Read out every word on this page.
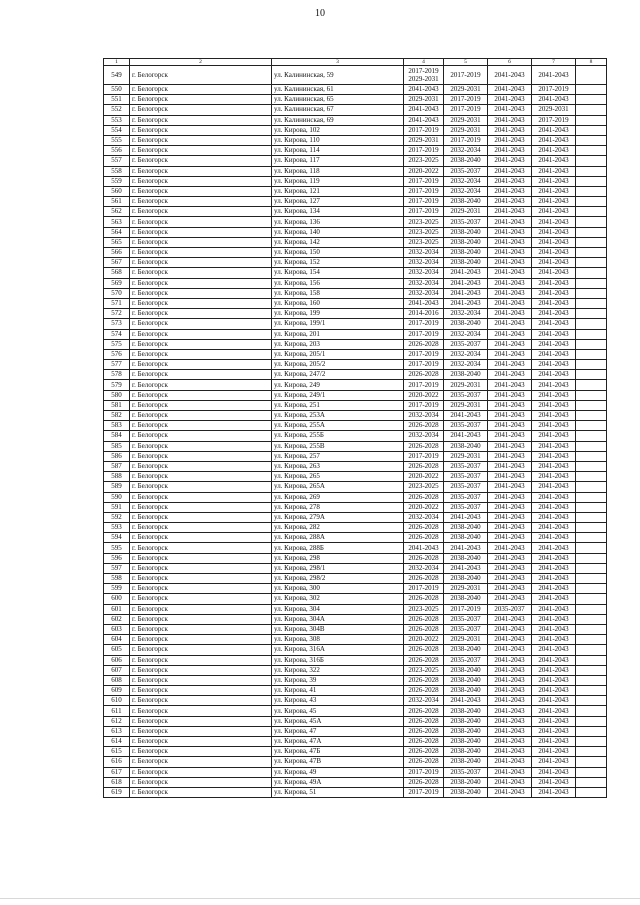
10
1	2	3	4	5	6	7	8
549	г. Белогорск	ул. Калининская, 59	2017-2019 2029-2031	2017-2019	2041-2043	2041-2043	
550	г. Белогорск	ул. Калининская, 61	2041-2043	2029-2031	2041-2043	2017-2019	
551	г. Белогорск	ул. Калининская, 65	2029-2031	2017-2019	2041-2043	2041-2043	
552	г. Белогорск	ул. Калининская, 67	2041-2043	2017-2019	2041-2043	2029-2031	
553	г. Белогорск	ул. Калининская, 69	2041-2043	2029-2031	2041-2043	2017-2019	
554	г. Белогорск	ул. Кирова, 102	2017-2019	2029-2031	2041-2043	2041-2043	
555	г. Белогорск	ул. Кирова, 110	2029-2031	2017-2019	2041-2043	2041-2043	
556	г. Белогорск	ул. Кирова, 114	2017-2019	2032-2034	2041-2043	2041-2043	
557	г. Белогорск	ул. Кирова, 117	2023-2025	2038-2040	2041-2043	2041-2043	
558	г. Белогорск	ул. Кирова, 118	2020-2022	2035-2037	2041-2043	2041-2043	
559	г. Белогорск	ул. Кирова, 119	2017-2019	2032-2034	2041-2043	2041-2043	
560	г. Белогорск	ул. Кирова, 121	2017-2019	2032-2034	2041-2043	2041-2043	
561	г. Белогорск	ул. Кирова, 127	2017-2019	2038-2040	2041-2043	2041-2043	
562	г. Белогорск	ул. Кирова, 134	2017-2019	2029-2031	2041-2043	2041-2043	
563	г. Белогорск	ул. Кирова, 136	2023-2025	2035-2037	2041-2043	2041-2043	
564	г. Белогорск	ул. Кирова, 140	2023-2025	2038-2040	2041-2043	2041-2043	
565	г. Белогорск	ул. Кирова, 142	2023-2025	2038-2040	2041-2043	2041-2043	
566	г. Белогорск	ул. Кирова, 150	2032-2034	2038-2040	2041-2043	2041-2043	
567	г. Белогорск	ул. Кирова, 152	2032-2034	2038-2040	2041-2043	2041-2043	
568	г. Белогорск	ул. Кирова, 154	2032-2034	2041-2043	2041-2043	2041-2043	
569	г. Белогорск	ул. Кирова, 156	2032-2034	2041-2043	2041-2043	2041-2043	
570	г. Белогорск	ул. Кирова, 158	2032-2034	2041-2043	2041-2043	2041-2043	
571	г. Белогорск	ул. Кирова, 160	2041-2043	2041-2043	2041-2043	2041-2043	
572	г. Белогорск	ул. Кирова, 199	2014-2016	2032-2034	2041-2043	2041-2043	
573	г. Белогорск	ул. Кирова, 199/1	2017-2019	2038-2040	2041-2043	2041-2043	
574	г. Белогорск	ул. Кирова, 201	2017-2019	2032-2034	2041-2043	2041-2043	
575	г. Белогорск	ул. Кирова, 203	2026-2028	2035-2037	2041-2043	2041-2043	
576	г. Белогорск	ул. Кирова, 205/1	2017-2019	2032-2034	2041-2043	2041-2043	
577	г. Белогорск	ул. Кирова, 205/2	2017-2019	2032-2034	2041-2043	2041-2043	
578	г. Белогорск	ул. Кирова, 247/2	2026-2028	2038-2040	2041-2043	2041-2043	
579	г. Белогорск	ул. Кирова, 249	2017-2019	2029-2031	2041-2043	2041-2043	
580	г. Белогорск	ул. Кирова, 249/1	2020-2022	2035-2037	2041-2043	2041-2043	
581	г. Белогорск	ул. Кирова, 251	2017-2019	2029-2031	2041-2043	2041-2043	
582	г. Белогорск	ул. Кирова, 253А	2032-2034	2041-2043	2041-2043	2041-2043	
583	г. Белогорск	ул. Кирова, 255А	2026-2028	2035-2037	2041-2043	2041-2043	
584	г. Белогорск	ул. Кирова, 255Б	2032-2034	2041-2043	2041-2043	2041-2043	
585	г. Белогорск	ул. Кирова, 255В	2026-2028	2038-2040	2041-2043	2041-2043	
586	г. Белогорск	ул. Кирова, 257	2017-2019	2029-2031	2041-2043	2041-2043	
587	г. Белогорск	ул. Кирова, 263	2026-2028	2035-2037	2041-2043	2041-2043	
588	г. Белогорск	ул. Кирова, 265	2020-2022	2035-2037	2041-2043	2041-2043	
589	г. Белогорск	ул. Кирова, 265А	2023-2025	2035-2037	2041-2043	2041-2043	
590	г. Белогорск	ул. Кирова, 269	2026-2028	2035-2037	2041-2043	2041-2043	
591	г. Белогорск	ул. Кирова, 278	2020-2022	2035-2037	2041-2043	2041-2043	
592	г. Белогорск	ул. Кирова, 279А	2032-2034	2041-2043	2041-2043	2041-2043	
593	г. Белогорск	ул. Кирова, 282	2026-2028	2038-2040	2041-2043	2041-2043	
594	г. Белогорск	ул. Кирова, 288А	2026-2028	2038-2040	2041-2043	2041-2043	
595	г. Белогорск	ул. Кирова, 288Б	2041-2043	2041-2043	2041-2043	2041-2043	
596	г. Белогорск	ул. Кирова, 298	2026-2028	2038-2040	2041-2043	2041-2043	
597	г. Белогорск	ул. Кирова, 298/1	2032-2034	2041-2043	2041-2043	2041-2043	
598	г. Белогорск	ул. Кирова, 298/2	2026-2028	2038-2040	2041-2043	2041-2043	
599	г. Белогорск	ул. Кирова, 300	2017-2019	2029-2031	2041-2043	2041-2043	
600	г. Белогорск	ул. Кирова, 302	2026-2028	2038-2040	2041-2043	2041-2043	
601	г. Белогорск	ул. Кирова, 304	2023-2025	2017-2019	2035-2037	2041-2043	
602	г. Белогорск	ул. Кирова, 304А	2026-2028	2035-2037	2041-2043	2041-2043	
603	г. Белогорск	ул. Кирова, 304В	2026-2028	2035-2037	2041-2043	2041-2043	
604	г. Белогорск	ул. Кирова, 308	2020-2022	2029-2031	2041-2043	2041-2043	
605	г. Белогорск	ул. Кирова, 316А	2026-2028	2038-2040	2041-2043	2041-2043	
606	г. Белогорск	ул. Кирова, 316Б	2026-2028	2035-2037	2041-2043	2041-2043	
607	г. Белогорск	ул. Кирова, 322	2023-2025	2038-2040	2041-2043	2041-2043	
608	г. Белогорск	ул. Кирова, 39	2026-2028	2038-2040	2041-2043	2041-2043	
609	г. Белогорск	ул. Кирова, 41	2026-2028	2038-2040	2041-2043	2041-2043	
610	г. Белогорск	ул. Кирова, 43	2032-2034	2041-2043	2041-2043	2041-2043	
611	г. Белогорск	ул. Кирова, 45	2026-2028	2038-2040	2041-2043	2041-2043	
612	г. Белогорск	ул. Кирова, 45А	2026-2028	2038-2040	2041-2043	2041-2043	
613	г. Белогорск	ул. Кирова, 47	2026-2028	2038-2040	2041-2043	2041-2043	
614	г. Белогорск	ул. Кирова, 47А	2026-2028	2038-2040	2041-2043	2041-2043	
615	г. Белогорск	ул. Кирова, 47Б	2026-2028	2038-2040	2041-2043	2041-2043	
616	г. Белогорск	ул. Кирова, 47В	2026-2028	2038-2040	2041-2043	2041-2043	
617	г. Белогорск	ул. Кирова, 49	2017-2019	2035-2037	2041-2043	2041-2043	
618	г. Белогорск	ул. Кирова, 49А	2026-2028	2038-2040	2041-2043	2041-2043	
619	г. Белогорск	ул. Кирова, 51	2017-2019	2038-2040	2041-2043	2041-2043	
